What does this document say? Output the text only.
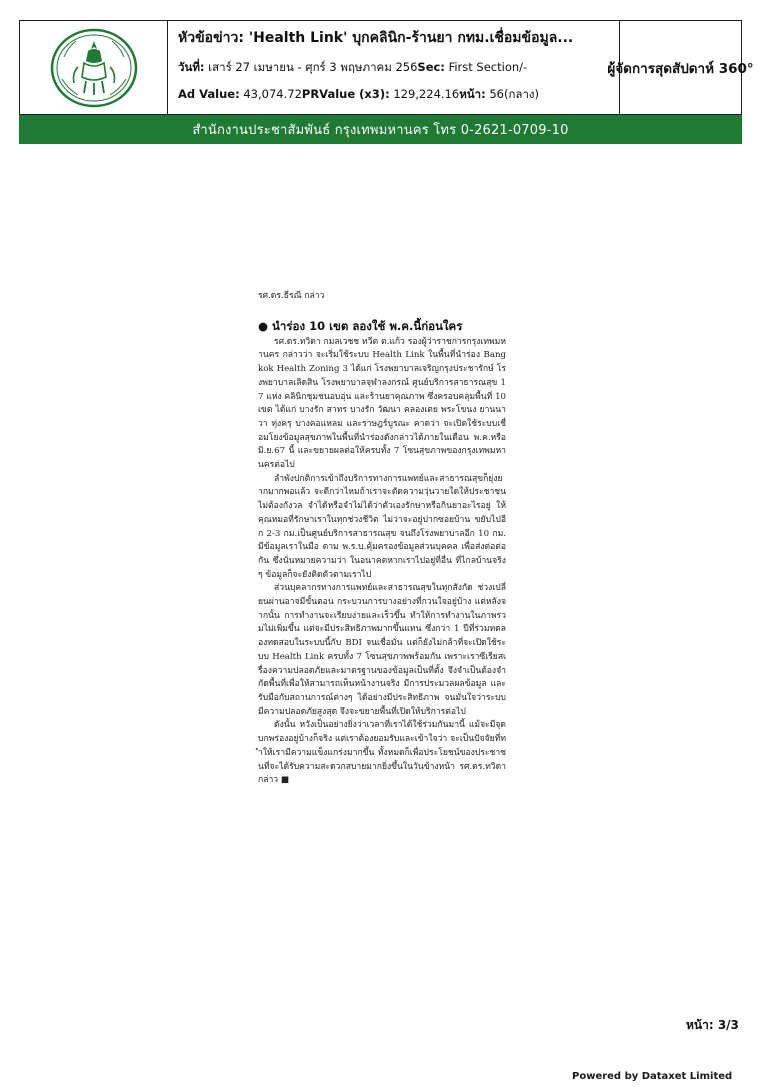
หัวข้อข่าว: 'Health Link' บุกคลินิก-ร้านยา กทม.เชื่อมข้อมูล...
วันที่: เสาร์ 27 เมษายน - ศุกร์ 3 พฤษภาคม 256Sec: First Section/-
Ad Value: 43,074.72PRValue (x3): 129,224.16หน้า: 56(กลาง)
ผู้จัดการสุดสัปดาห์ 360°
สำนักงานประชาสัมพันธ์ กรุงเทพมหานคร โทร 0-2621-0709-10

รศ.ดร.ธีรณี กล่าว

● นำร่อง 10 เขต ลองใช้ พ.ค.นี้ก่อนใคร

รศ.ดร.ทวิดา กมลเวชช ทวีต ต.แก้ว รองผู้ว่าราชการกรุงเทพมหานคร กล่าวว่า จะเริ่มใช้ระบบ Health Link ในพื้นที่นำร่อง Bangkok Health Zoning 3 ได้แก่ โรงพยาบาลเจริญกรุงประชารักษ์ โรงพยาบาลเลิดสิน โรงพยาบาลจุฬาลงกรณ์ ศูนย์บริการสาธารณสุข 17 แห่ง คลินิกชุมชนอบอุ่น และร้านยาคุณภาพ ซึ่งครอบคลุมพื้นที่ 10 เขต ได้แก่ บางรัก สาทร บางรัก วัฒนา คลองเตย พระโขนง ยานนาวา ทุ่งครุ บางคอแหลม และราษฎร์บูรณะ คาดว่า จะเปิดใช้ระบบเชื่อมโยงข้อมูลสุขภาพในพื้นที่นำร่องดังกล่าวได้ภายในเดือน พ.ค.หรือ มิ.ย.67 นี้ และขยายผลต่อให้ครบทั้ง 7 โซนสุขภาพของกรุงเทพมหานครต่อไป

ลำพังปกติการเข้าถึงบริการทางการแพทย์และสาธารณสุขก็ยุ่งยากมากพอแล้ว จะดีกว่าไหมถ้าเราจะตัดความวุ่นวายใดให้ประชาชนไม่ต้องกังวล จำได้หรือจำไม่ได้ว่าตัวเองรักษาหรือกินยาอะไรอยู่ ให้คุณหมอที่รักษาเราในทุกช่วงชีวิต ไม่ว่าจะอยู่ปากซอยบ้าน ขยับไปอีก 2-3 กม.เป็นศูนย์บริการสาธารณสุข จนถึงโรงพยาบาลอีก 10 กม. มีข้อมูลเราในมือ ตาม พ.ร.บ.คุ้มครองข้อมูลส่วนบุคคล เพื่อส่งต่อต่อกัน ซึ่งนั่นหมายความว่า ในอนาคตหากเราไปอยู่ที่อื่น ที่ไกลบ้านจริงๆ ข้อมูลก็จะยังติดตัวตามเราไป

ส่วนบุคลากรทางการแพทย์และสาธารณสุขในทุกสังกัด ช่วงเปลี่ยนผ่านอาจมีขั้นตอน กระบวนการบางอย่างที่กวนใจอยู่บ้าง แต่หลังจากนั้น การทำงานจะเรียบง่ายและเร็วขึ้น ทำให้การทำงานในภาพรวมไม่เพิ่มขึ้น แต่จะมีประสิทธิภาพมากขึ้นแทน ซึ่งกว่า 1 ปีที่ร่วมทดลองทดสอบในระบบนี้กับ BDI จนเชื่อมั่น แต่ก็ยังไม่กล้าที่จะเปิดใช้ระบบ Health Link ครบทั้ง 7 โซนสุขภาพพร้อมกัน เพราะเราซีเรียสเรื่องความปลอดภัยและมาตรฐานของข้อมูลเป็นที่ตั้ง จึงจำเป็นต้องจำกัดพื้นที่เพื่อให้สามารถเห็นหน้างานจริง มีการประมวลผลข้อมูล และรับมือกับสถานการณ์ต่างๆ ได้อย่างมีประสิทธิภาพ จนมั่นใจว่าระบบมีความปลอดภัยสูงสุด จึงจะขยายพื้นที่เปิดให้บริการต่อไป

ดังนั้น หวังเป็นอย่างยิ่งว่าเวลาที่เราได้ใช้ร่วมกันมานี้ แม้จะมีจุดบกพร่องอยู่บ้างก็จริง แต่เราต้องยอมรับและเข้าใจว่า จะเป็นปัจจัยที่ทำให้เรามีความแข็งแกร่งมากขึ้น ทั้งหมดก็เพื่อประโยชน์ของประชาชนที่จะได้รับความสะดวกสบายมากยิ่งขึ้นในวันข้างหน้า รศ.ดร.ทวิดา กล่าว ■

หน้า: 3/3
Powered by Dataxet Limited
